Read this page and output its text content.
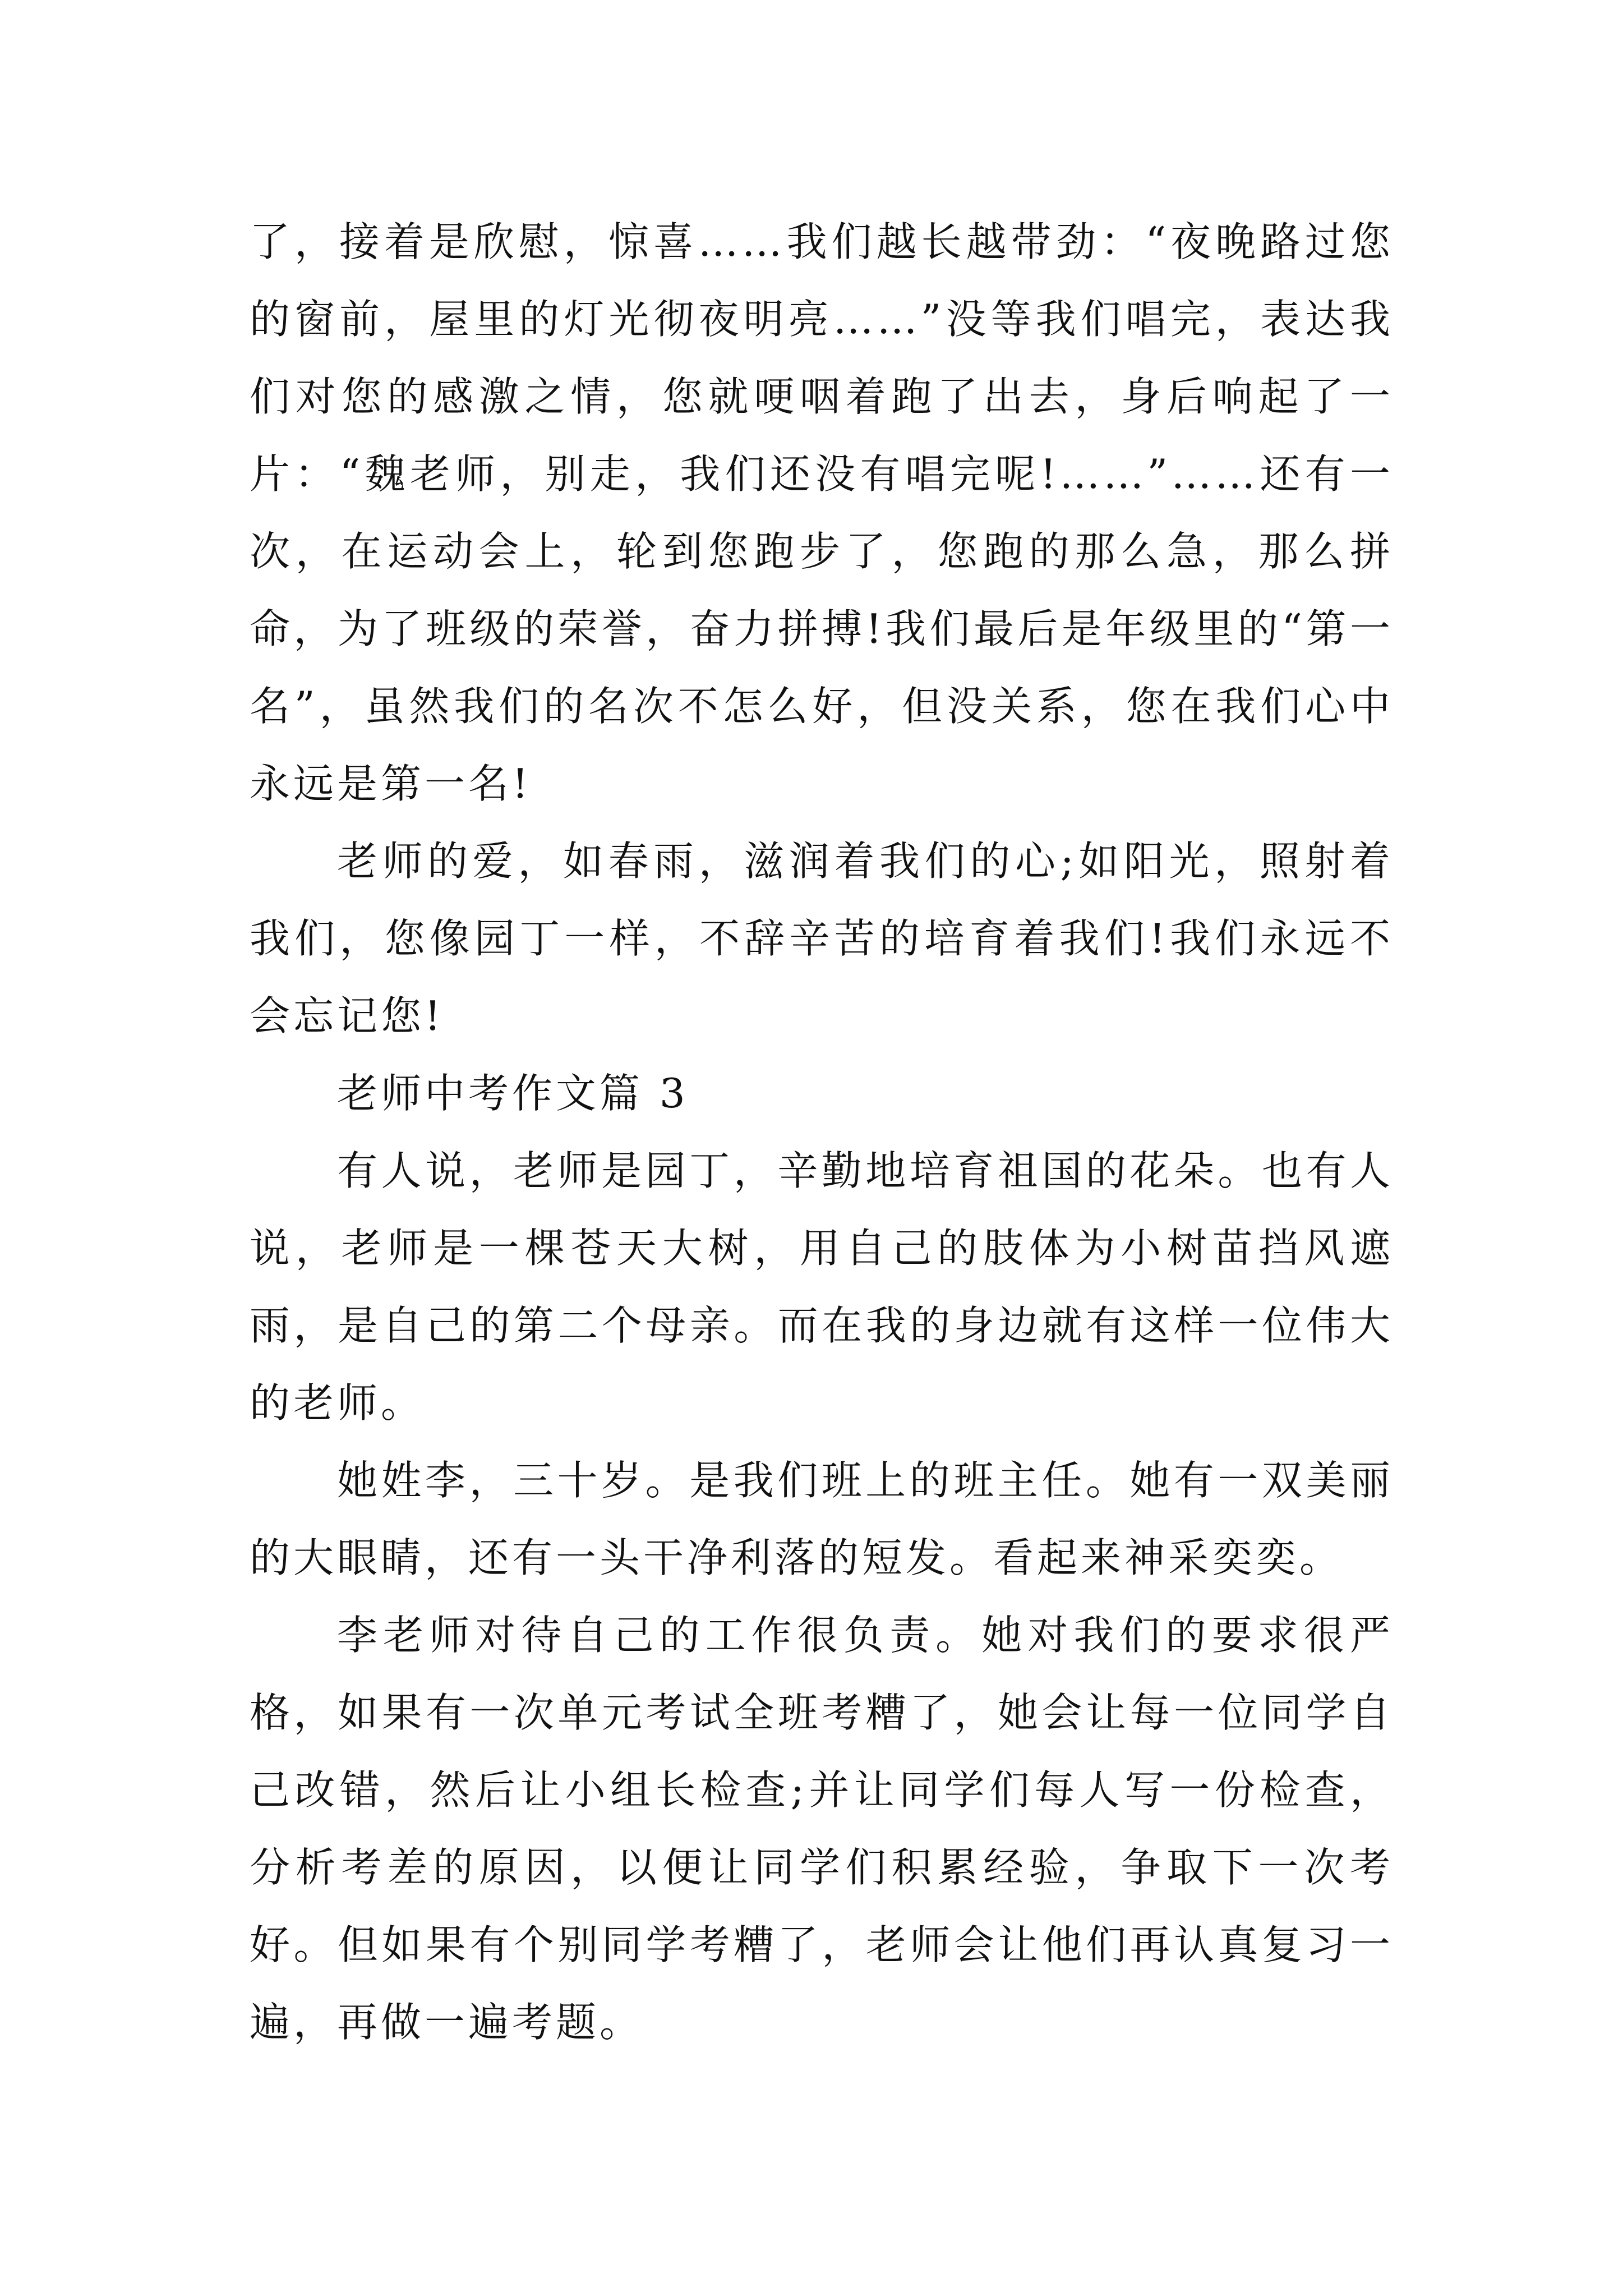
了，接着是欣慰，惊喜……我们越长越带劲：“夜晚路过您的窗前，屋里的灯光彻夜明亮……”没等我们唱完，表达我们对您的感激之情，您就哽咽着跑了出去，身后响起了一片：“魏老师，别走，我们还没有唱完呢!……”……还有一次，在运动会上，轮到您跑步了，您跑的那么急，那么拼命，为了班级的荣誉，奋力拼搏!我们最后是年级里的“第一名”，虽然我们的名次不怎么好，但没关系，您在我们心中永远是第一名!

老师的爱，如春雨，滋润着我们的心;如阳光，照射着我们，您像园丁一样，不辞辛苦的培育着我们!我们永远不会忘记您!

老师中考作文篇 3

有人说，老师是园丁，辛勤地培育祖国的花朵。也有人说，老师是一棵苍天大树，用自己的肢体为小树苗挡风遮雨，是自己的第二个母亲。而在我的身边就有这样一位伟大的老师。

她姓李，三十岁。是我们班上的班主任。她有一双美丽的大眼睛，还有一头干净利落的短发。看起来神采奕奕。

李老师对待自己的工作很负责。她对我们的要求很严格，如果有一次单元考试全班考糟了，她会让每一位同学自己改错，然后让小组长检查;并让同学们每人写一份检查，分析考差的原因，以便让同学们积累经验，争取下一次考好。但如果有个别同学考糟了，老师会让他们再认真复习一遍，再做一遍考题。
